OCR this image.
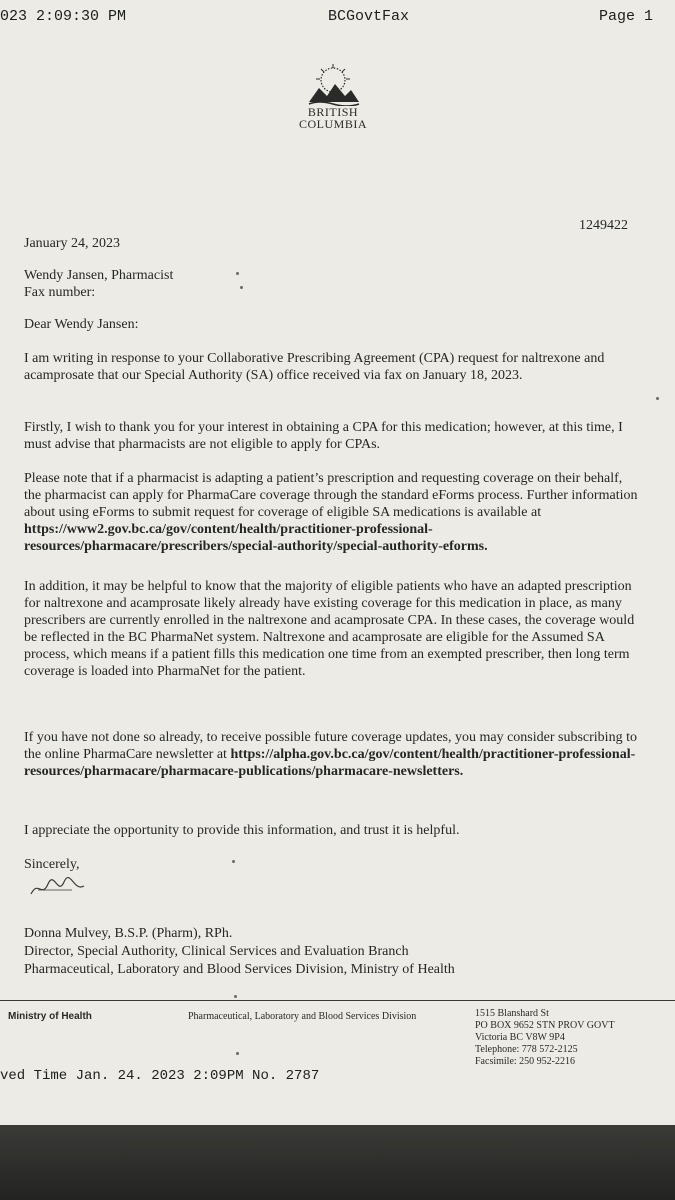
023 2:09:30 PM	BCGovtFax	Page 1
BRITISH
COLUMBIA
1249422
January 24, 2023
Wendy Jansen, Pharmacist
Fax number:
Dear Wendy Jansen:
I am writing in response to your Collaborative Prescribing Agreement (CPA) request for naltrexone and acamprosate that our Special Authority (SA) office received via fax on January 18, 2023.
Firstly, I wish to thank you for your interest in obtaining a CPA for this medication; however, at this time, I must advise that pharmacists are not eligible to apply for CPAs.
Please note that if a pharmacist is adapting a patient’s prescription and requesting coverage on their behalf, the pharmacist can apply for PharmaCare coverage through the standard eForms process. Further information about using eForms to submit request for coverage of eligible SA medications is available at https://www2.gov.bc.ca/gov/content/health/practitioner-professional-resources/pharmacare/prescribers/special-authority/special-authority-eforms.
In addition, it may be helpful to know that the majority of eligible patients who have an adapted prescription for naltrexone and acamprosate likely already have existing coverage for this medication in place, as many prescribers are currently enrolled in the naltrexone and acamprosate CPA. In these cases, the coverage would be reflected in the BC PharmaNet system. Naltrexone and acamprosate are eligible for the Assumed SA process, which means if a patient fills this medication one time from an exempted prescriber, then long term coverage is loaded into PharmaNet for the patient.
If you have not done so already, to receive possible future coverage updates, you may consider subscribing to the online PharmaCare newsletter at https://alpha.gov.bc.ca/gov/content/health/practitioner-professional-resources/pharmacare/pharmacare-publications/pharmacare-newsletters.
I appreciate the opportunity to provide this information, and trust it is helpful.
Sincerely,
Donna Mulvey, B.S.P. (Pharm), RPh.
Director, Special Authority, Clinical Services and Evaluation Branch
Pharmaceutical, Laboratory and Blood Services Division, Ministry of Health
Ministry of Health	Pharmaceutical, Laboratory and Blood Services Division	1515 Blanshard St
PO BOX 9652 STN PROV GOVT
Victoria BC V8W 9P4
Telephone: 778 572-2125
Facsimile: 250 952-2216
ved Time Jan. 24. 2023 2:09PM No. 2787
